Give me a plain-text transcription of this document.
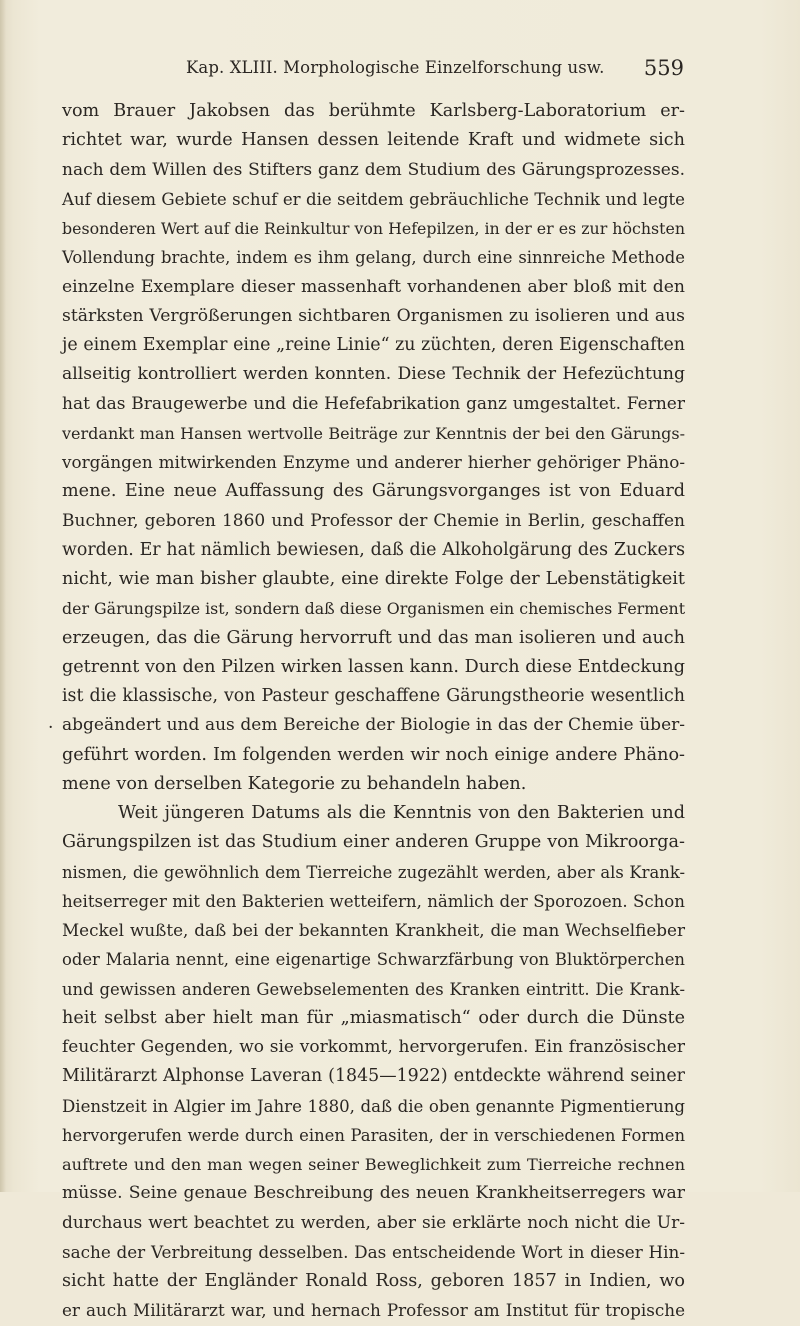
Kap. XLIII. Morphologische Einzelforschung usw. 559
.
vom Brauer Jakobsen das berühmte Karlsberg-Laboratorium er-
richtet war, wurde Hansen dessen leitende Kraft und widmete sich
nach dem Willen des Stifters ganz dem Studium des Gärungsprozesses.
Auf diesem Gebiete schuf er die seitdem gebräuchliche Technik und legte
besonderen Wert auf die Reinkultur von Hefepilzen, in der er es zur höchsten
Vollendung brachte, indem es ihm gelang, durch eine sinnreiche Methode
einzelne Exemplare dieser massenhaft vorhandenen aber bloß mit den
stärksten Vergrößerungen sichtbaren Organismen zu isolieren und aus
je einem Exemplar eine „reine Linie“ zu züchten, deren Eigenschaften
allseitig kontrolliert werden konnten. Diese Technik der Hefezüchtung
hat das Braugewerbe und die Hefefabrikation ganz umgestaltet. Ferner
verdankt man Hansen wertvolle Beiträge zur Kenntnis der bei den Gärungs-
vorgängen mitwirkenden Enzyme und anderer hierher gehöriger Phäno-
mene. Eine neue Auffassung des Gärungsvorganges ist von Eduard
Buchner, geboren 1860 und Professor der Chemie in Berlin, geschaffen
worden. Er hat nämlich bewiesen, daß die Alkoholgärung des Zuckers
nicht, wie man bisher glaubte, eine direkte Folge der Lebenstätigkeit
der Gärungspilze ist, sondern daß diese Organismen ein chemisches Ferment
erzeugen, das die Gärung hervorruft und das man isolieren und auch
getrennt von den Pilzen wirken lassen kann. Durch diese Entdeckung
ist die klassische, von Pasteur geschaffene Gärungstheorie wesentlich
abgeändert und aus dem Bereiche der Biologie in das der Chemie über-
geführt worden. Im folgenden werden wir noch einige andere Phäno-
mene von derselben Kategorie zu behandeln haben.
Weit jüngeren Datums als die Kenntnis von den Bakterien und
Gärungspilzen ist das Studium einer anderen Gruppe von Mikroorga-
nismen, die gewöhnlich dem Tierreiche zugezählt werden, aber als Krank-
heitserreger mit den Bakterien wetteifern, nämlich der Sporozoen. Schon
Meckel wußte, daß bei der bekannten Krankheit, die man Wechselfieber
oder Malaria nennt, eine eigenartige Schwarzfärbung von Bluktörperchen
und gewissen anderen Gewebselementen des Kranken eintritt. Die Krank-
heit selbst aber hielt man für „miasmatisch“ oder durch die Dünste
feuchter Gegenden, wo sie vorkommt, hervorgerufen. Ein französischer
Militärarzt Alphonse Laveran (1845—1922) entdeckte während seiner
Dienstzeit in Algier im Jahre 1880, daß die oben genannte Pigmentierung
hervorgerufen werde durch einen Parasiten, der in verschiedenen Formen
auftrete und den man wegen seiner Beweglichkeit zum Tierreiche rechnen
müsse. Seine genaue Beschreibung des neuen Krankheitserregers war
durchaus wert beachtet zu werden, aber sie erklärte noch nicht die Ur-
sache der Verbreitung desselben. Das entscheidende Wort in dieser Hin-
sicht hatte der Engländer Ronald Ross, geboren 1857 in Indien, wo
er auch Militärarzt war, und hernach Professor am Institut für tropische
